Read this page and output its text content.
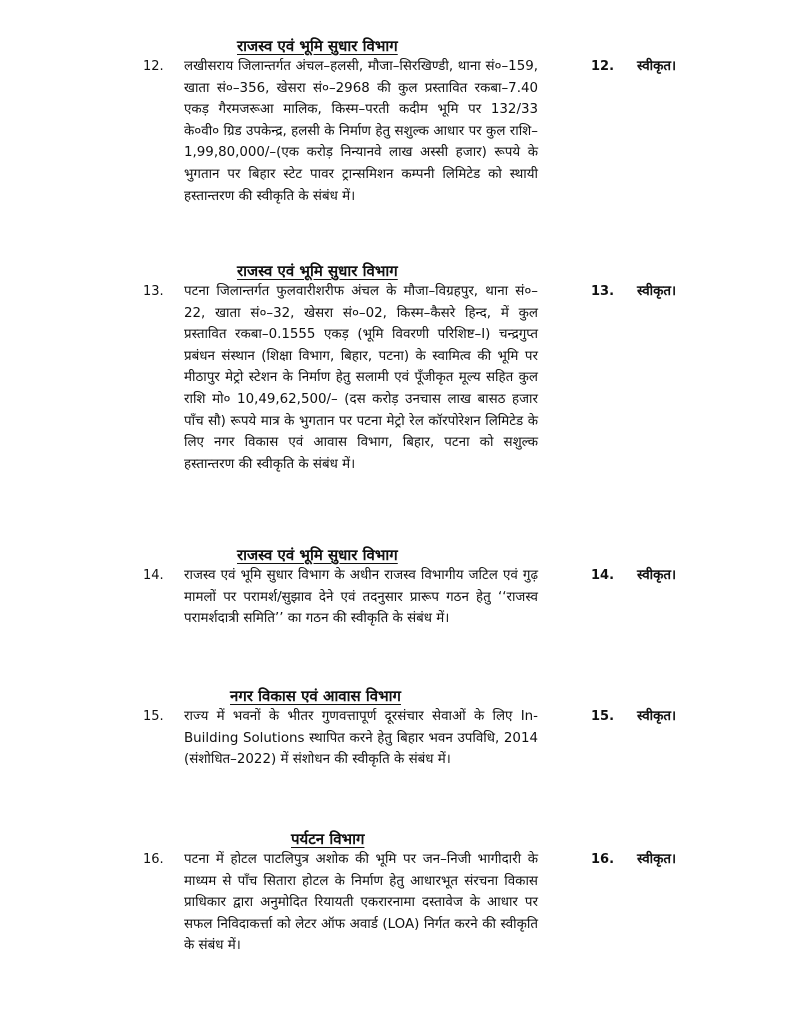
राजस्व एवं भूमि सुधार विभाग
12. लखीसराय जिलान्तर्गत अंचल–हलसी, मौजा–सिरखिण्डी, थाना सं०–159, खाता सं०–356, खेसरा सं०–2968 की कुल प्रस्तावित रकबा–7.40 एकड़ गैरमजरूआ मालिक, किस्म–परती कदीम भूमि पर 132/33 के०वी० ग्रिड उपकेन्द्र, हलसी के निर्माण हेतु सशुल्क आधार पर कुल राशि–1,99,80,000/–(एक करोड़ निन्यानवे लाख अस्सी हजार) रूपये के भुगतान पर बिहार स्टेट पावर ट्रान्समिशन कम्पनी लिमिटेड को स्थायी हस्तान्तरण की स्वीकृति के संबंध में।
12. स्वीकृत।
राजस्व एवं भूमि सुधार विभाग
13. पटना जिलान्तर्गत फुलवारीशरीफ अंचल के मौजा–विग्रहपुर, थाना सं०–22, खाता सं०–32, खेसरा सं०–02, किस्म–कैसरे हिन्द, में कुल प्रस्तावित रकबा–0.1555 एकड़ (भूमि विवरणी परिशिष्ट–I) चन्द्रगुप्त प्रबंधन संस्थान (शिक्षा विभाग, बिहार, पटना) के स्वामित्व की भूमि पर मीठापुर मेट्रो स्टेशन के निर्माण हेतु सलामी एवं पूँजीकृत मूल्य सहित कुल राशि मो० 10,49,62,500/– (दस करोड़ उनचास लाख बासठ हजार पाँच सौ) रूपये मात्र के भुगतान पर पटना मेट्रो रेल कॉरपोरेशन लिमिटेड के लिए नगर विकास एवं आवास विभाग, बिहार, पटना को सशुल्क हस्तान्तरण की स्वीकृति के संबंध में।
13. स्वीकृत।
राजस्व एवं भूमि सुधार विभाग
14. राजस्व एवं भूमि सुधार विभाग के अधीन राजस्व विभागीय जटिल एवं गुढ़ मामलों पर परामर्श/सुझाव देने एवं तदनुसार प्रारूप गठन हेतु ‘‘राजस्व परामर्शदात्री समिति’’ का गठन की स्वीकृति के संबंध में।
14. स्वीकृत।
नगर विकास एवं आवास विभाग
15. राज्य में भवनों के भीतर गुणवत्तापूर्ण दूरसंचार सेवाओं के लिए In-Building Solutions स्थापित करने हेतु बिहार भवन उपविधि, 2014 (संशोधित–2022) में संशोधन की स्वीकृति के संबंध में।
15. स्वीकृत।
पर्यटन विभाग
16. पटना में होटल पाटलिपुत्र अशोक की भूमि पर जन–निजी भागीदारी के माध्यम से पाँच सितारा होटल के निर्माण हेतु आधारभूत संरचना विकास प्राधिकार द्वारा अनुमोदित रियायती एकरारनामा दस्तावेज के आधार पर सफल निविदाकर्त्ता को लेटर ऑफ अवार्ड (LOA) निर्गत करने की स्वीकृति के संबंध में।
16. स्वीकृत।
